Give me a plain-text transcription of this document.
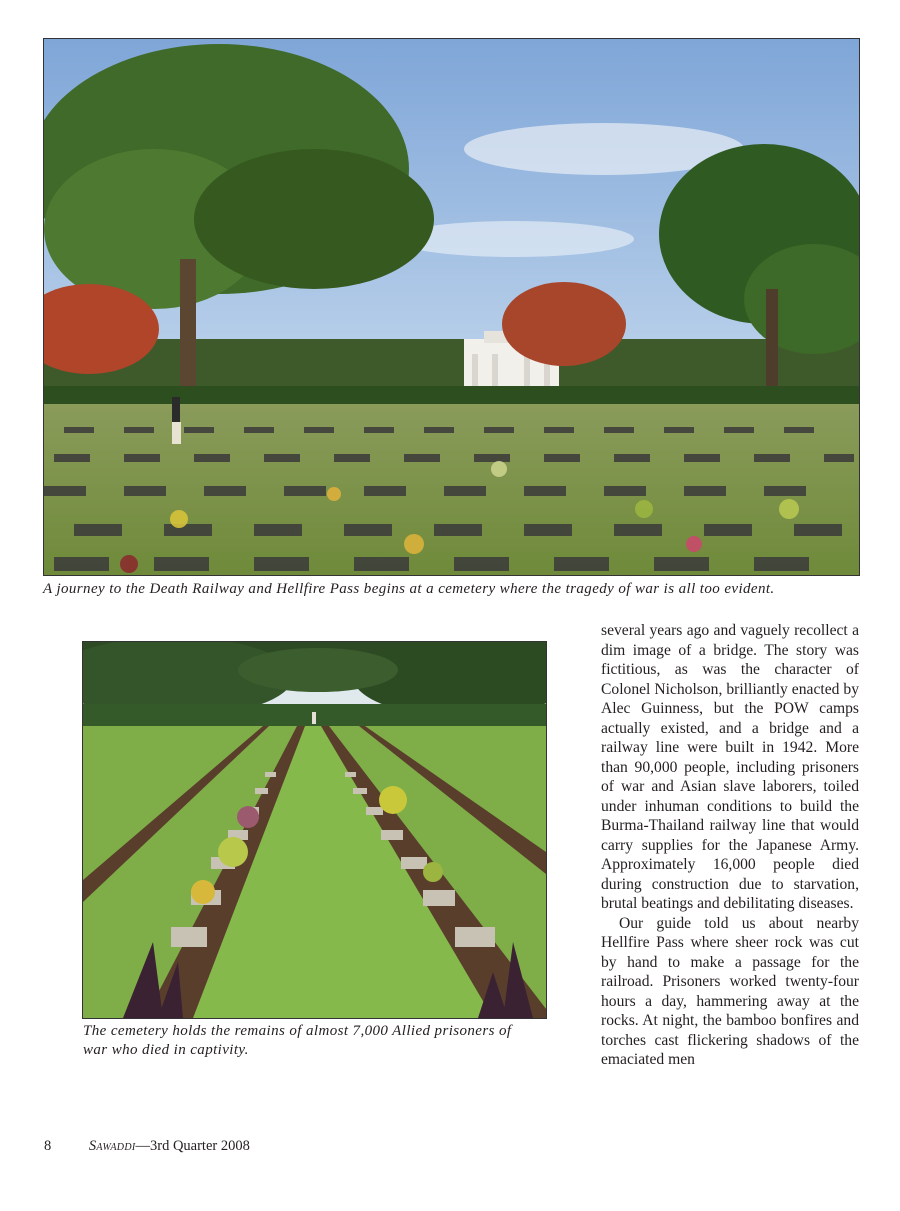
A journey to the Death Railway and Hellfire Pass begins at a cemetery where the tragedy of war is all too evident.
The cemetery holds the remains of almost 7,000 Allied prisoners of war who died in captivity.

several years ago and vaguely recollect a dim image of a bridge. The story was fictitious, as was the character of Colonel Nicholson, brilliantly enacted by Alec Guinness, but the POW camps actually existed, and a bridge and a railway line were built in 1942. More than 90,000 people, including prisoners of war and Asian slave laborers, toiled under inhuman conditions to build the Burma-Thailand railway line that would carry supplies for the Japanese Army. Approximately 16,000 people died during construction due to starvation, brutal beatings and debilitating diseases.

Our guide told us about nearby Hellfire Pass where sheer rock was cut by hand to make a passage for the railroad. Prisoners worked twenty-four hours a day, hammering away at the rocks. At night, the bamboo bonfires and torches cast flickering shadows of the emaciated men

8	Sawaddi—3rd Quarter 2008
